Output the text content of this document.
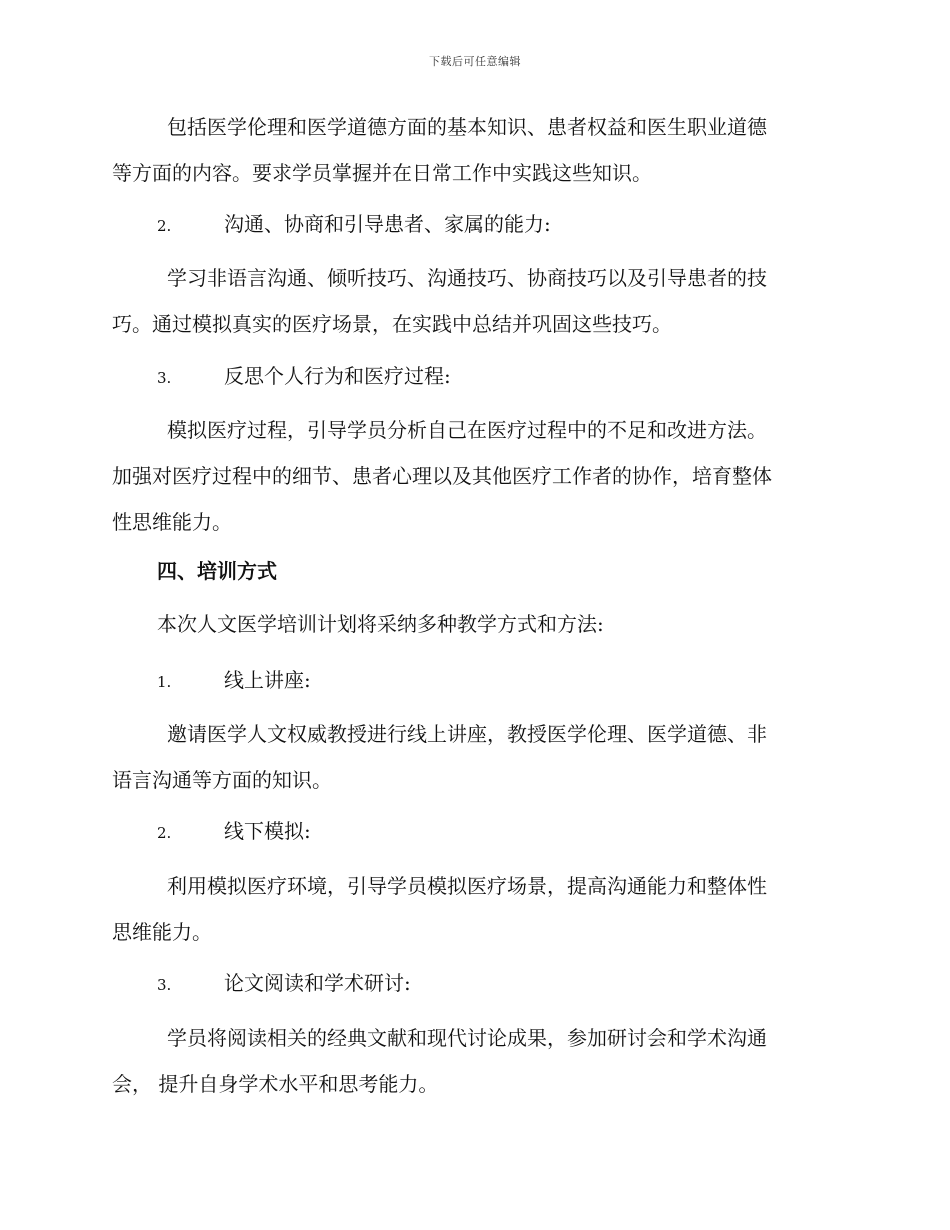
下载后可任意编辑
包括医学伦理和医学道德方面的基本知识、患者权益和医生职业道德
等方面的内容。要求学员掌握并在日常工作中实践这些知识。
2.	沟通、协商和引导患者、家属的能力:
学习非语言沟通、倾听技巧、沟通技巧、协商技巧以及引导患者的技
巧。通过模拟真实的医疗场景，在实践中总结并巩固这些技巧。
3.	反思个人行为和医疗过程:
模拟医疗过程，引导学员分析自己在医疗过程中的不足和改进方法。
加强对医疗过程中的细节、患者心理以及其他医疗工作者的协作，培育整体
性思维能力。
四、培训方式
本次人文医学培训计划将采纳多种教学方式和方法:
1.	线上讲座:
邀请医学人文权威教授进行线上讲座，教授医学伦理、医学道德、非
语言沟通等方面的知识。
2.	线下模拟:
利用模拟医疗环境，引导学员模拟医疗场景，提高沟通能力和整体性
思维能力。
3.	论文阅读和学术研讨:
学员将阅读相关的经典文献和现代讨论成果，参加研讨会和学术沟通
会， 提升自身学术水平和思考能力。
